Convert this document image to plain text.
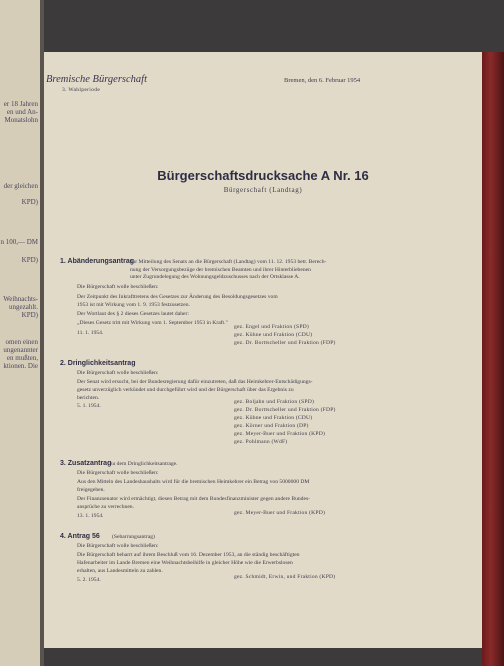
er 18 Jahren
en und An-
Monatslohn
der gleichen
KPD)
n 100,— DM
KPD)
Weihnachts-
ungezahlt.
KPD)
omen einen
ungenannter
en mußten,
ktionen. Die
Bremische Bürgerschaft
3. Wahlperiode
Bremen, den 6. Februar 1954
Bürgerschaftsdrucksache A Nr. 16
Bürgerschaft (Landtag)
1. Abänderungsantrag
zur Mitteilung des Senats an die Bürgerschaft (Landtag) vom 11. 12. 1953 betr. Berech-
nung der Versorgungsbezüge der bremischen Beamten und ihrer Hinterbliebenen
unter Zugrundelegung des Wohnungsgeldzuschusses nach der Ortsklasse A.
Die Bürgerschaft wolle beschließen:
Der Zeitpunkt des Inkrafttretens des Gesetzes zur Änderung des Besoldungsgesetzes vom
1953 ist mit Wirkung vom 1. 9. 1953 festzusetzen.
Der Wortlaut des § 2 dieses Gesetzes lautet daher:
„Dieses Gesetz tritt mit Wirkung vom 1. September 1953 in Kraft."
11. 1. 1954.
gez. Engel und Fraktion (SPD)
gez. Kühne und Fraktion (CDU)
gez. Dr. Borttscheller und Fraktion (FDP)
2. Dringlichkeitsantrag
Die Bürgerschaft wolle beschließen:
Der Senat wird ersucht, bei der Bundesregierung dafür einzutreten, daß das Heimkehrer-Entschädigungs-
gesetz unverzüglich verkündet und durchgeführt wird und der Bürgerschaft über das Ergebnis zu
berichten.
5. 1. 1954.
gez. Boljahn und Fraktion (SPD)
gez. Dr. Borttscheller und Fraktion (FDP)
gez. Kühne und Fraktion (CDU)
gez. Körner und Fraktion (DP)
gez. Meyer-Buer und Fraktion (KPD)
gez. Pohlmann (WdF)
3. Zusatzantrag
zu dem Dringlichkeitsantrage.
Die Bürgerschaft wolle beschließen:
Aus den Mitteln des Landeshaushalts wird für die bremischen Heimkehrer ein Betrag von 5000000 DM
freigegeben.
Der Finanzsenator wird ermächtigt, diesen Betrag mit dem Bundesfinanzminister gegen andere Bundes-
ansprüche zu verrechnen.
13. 1. 1954.	gez. Meyer-Buer und Fraktion (KPD)
4. Antrag 56 (Sebarrungsantrag)
Die Bürgerschaft wolle beschließen:
Die Bürgerschaft beharrt auf ihrem Beschluß vom 16. Dezember 1953, an die ständig beschäftigten
Hafenarbeiter im Lande Bremen eine Weihnachtsbeihilfe in gleicher Höhe wie die Erwerbslosen
erhalten, aus Landesmitteln zu zahlen.
5. 2. 1954.	gez. Schmidt, Erwin, und Fraktion (KPD)
